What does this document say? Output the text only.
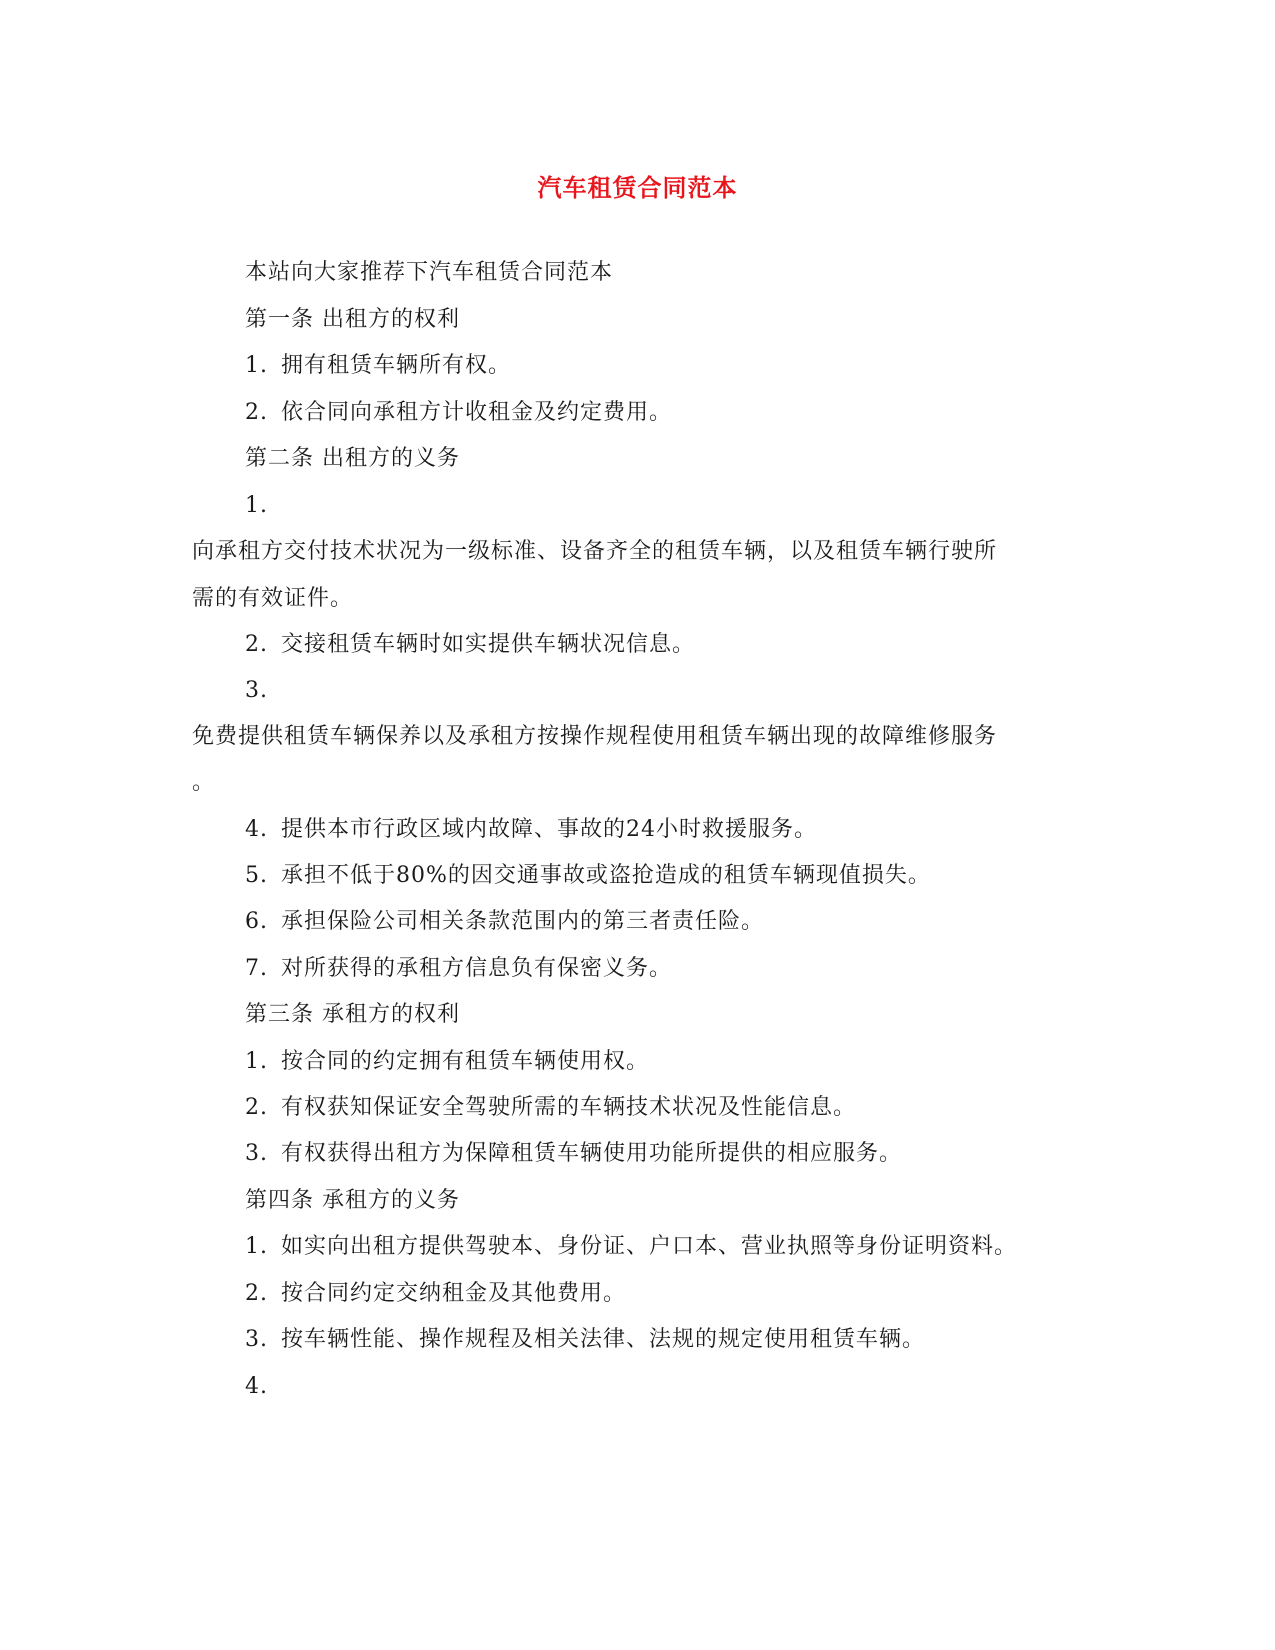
汽车租赁合同范本
本站向大家推荐下汽车租赁合同范本
第一条 出租方的权利
1. 拥有租赁车辆所有权。
2. 依合同向承租方计收租金及约定费用。
第二条 出租方的义务
1.
向承租方交付技术状况为一级标准、设备齐全的租赁车辆，以及租赁车辆行驶所
需的有效证件。
2. 交接租赁车辆时如实提供车辆状况信息。
3.
免费提供租赁车辆保养以及承租方按操作规程使用租赁车辆出现的故障维修服务
。
4. 提供本市行政区域内故障、事故的24小时救援服务。
5. 承担不低于80%的因交通事故或盗抢造成的租赁车辆现值损失。
6. 承担保险公司相关条款范围内的第三者责任险。
7. 对所获得的承租方信息负有保密义务。
第三条 承租方的权利
1. 按合同的约定拥有租赁车辆使用权。
2. 有权获知保证安全驾驶所需的车辆技术状况及性能信息。
3. 有权获得出租方为保障租赁车辆使用功能所提供的相应服务。
第四条 承租方的义务
1. 如实向出租方提供驾驶本、身份证、户口本、营业执照等身份证明资料。
2. 按合同约定交纳租金及其他费用。
3. 按车辆性能、操作规程及相关法律、法规的规定使用租赁车辆。
4.
